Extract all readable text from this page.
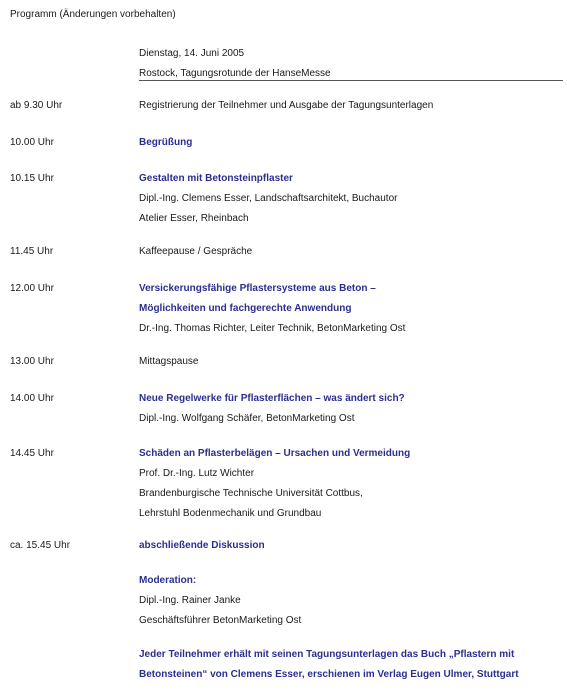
Programm (Änderungen vorbehalten)
Dienstag, 14. Juni 2005
Rostock, Tagungsrotunde der HanseMesse
ab 9.30 Uhr	Registrierung der Teilnehmer und Ausgabe der Tagungsunterlagen
10.00 Uhr	Begrüßung
10.15 Uhr	Gestalten mit Betonsteinpflaster
Dipl.-Ing. Clemens Esser, Landschaftsarchitekt, Buchautor
Atelier Esser, Rheinbach
11.45 Uhr	Kaffeepause / Gespräche
12.00 Uhr	Versickerungsfähige Pflastersysteme aus Beton –
Möglichkeiten und fachgerechte Anwendung
Dr.-Ing. Thomas Richter, Leiter Technik, BetonMarketing Ost
13.00 Uhr	Mittagspause
14.00 Uhr	Neue Regelwerke für Pflasterflächen – was ändert sich?
Dipl.-Ing. Wolfgang Schäfer, BetonMarketing Ost
14.45 Uhr	Schäden an Pflasterbelägen – Ursachen und Vermeidung
Prof. Dr.-Ing. Lutz Wichter
Brandenburgische Technische Universität Cottbus,
Lehrstuhl Bodenmechanik und Grundbau
ca. 15.45 Uhr	abschließende Diskussion
Moderation:
Dipl.-Ing. Rainer Janke
Geschäftsführer BetonMarketing Ost
Jeder Teilnehmer erhält mit seinen Tagungsunterlagen das Buch „Pflastern mit
Betonsteinen“ von Clemens Esser, erschienen im Verlag Eugen Ulmer, Stuttgart
